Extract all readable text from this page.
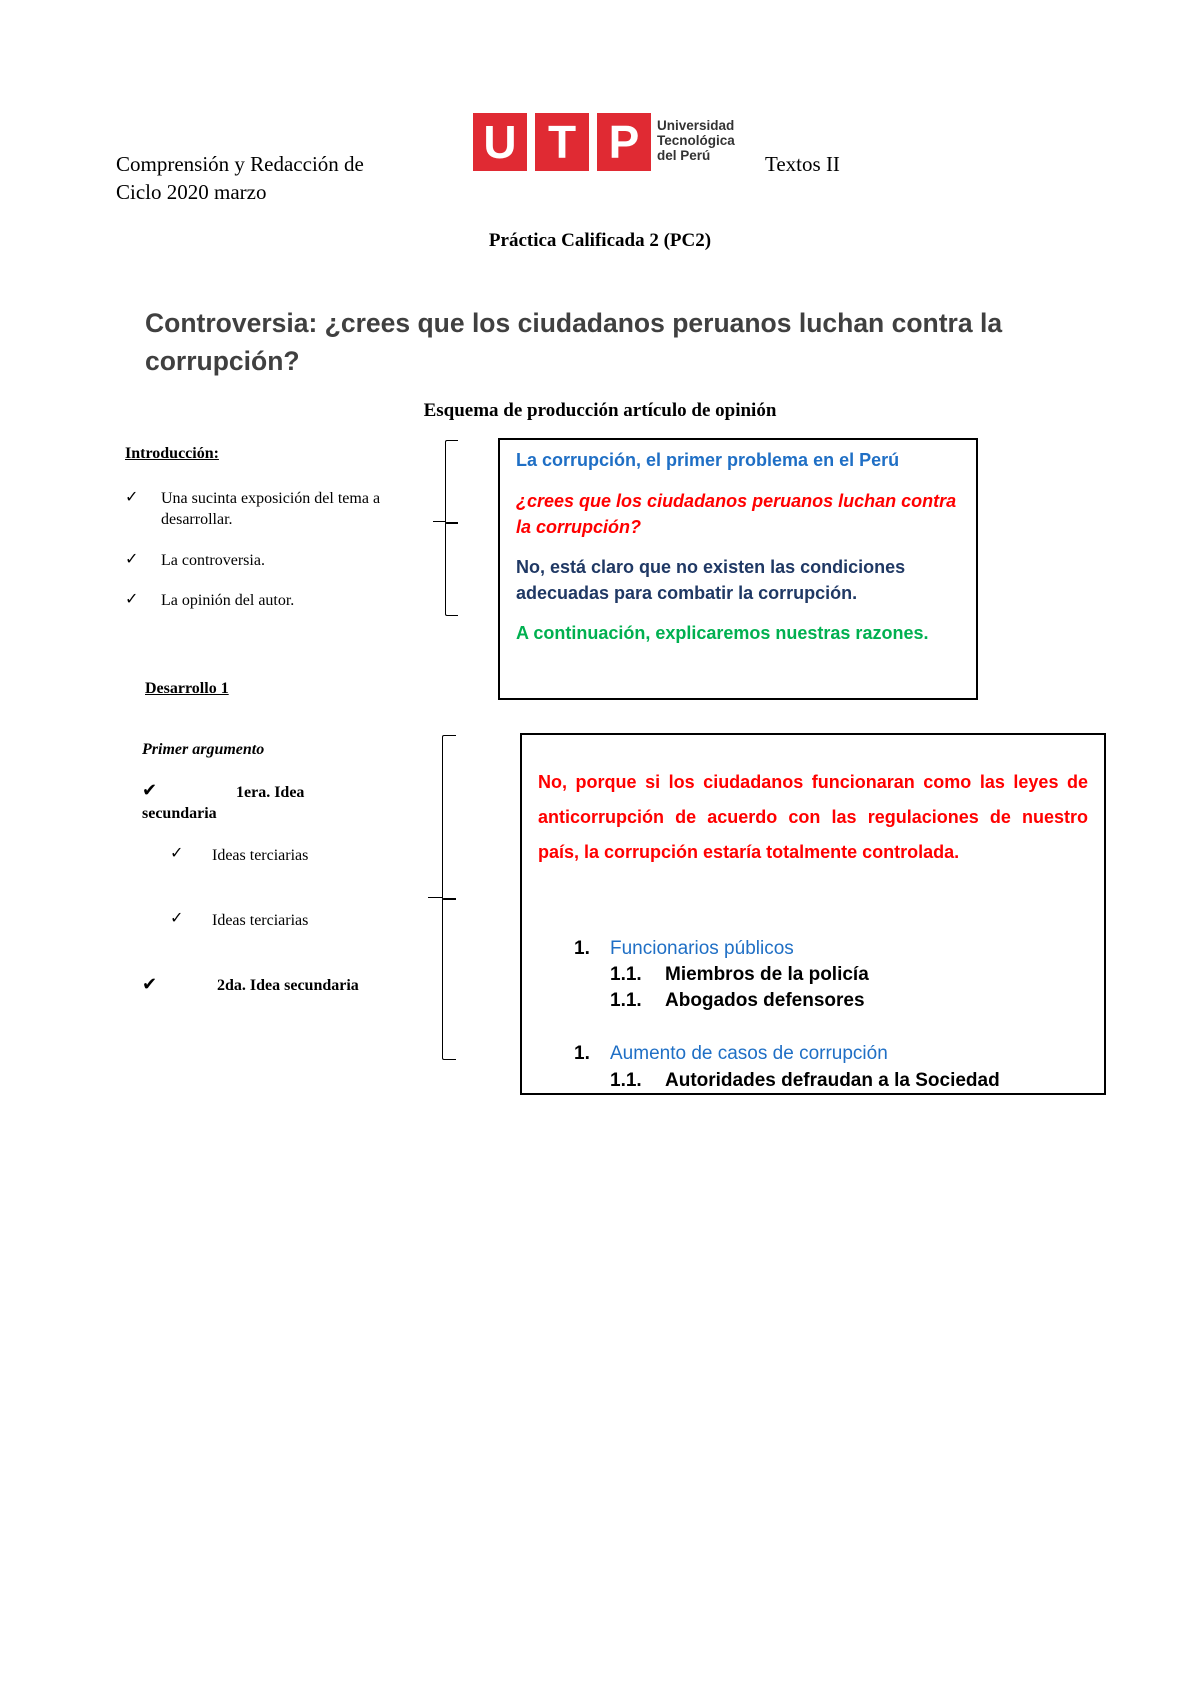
Comprensión y Redacción de
Ciclo 2020 marzo
Textos II
U T P	Universidad
Tecnológica
del Perú
Práctica Calificada 2 (PC2)
Controversia: ¿crees que los ciudadanos peruanos luchan contra la corrupción?
Esquema de producción artículo de opinión
Introducción:
✓ Una sucinta exposición del tema a desarrollar.
✓ La controversia.
✓ La opinión del autor.
Desarrollo 1
Primer argumento
✔	1era. Idea secundaria
✓ Ideas terciarias
✓ Ideas terciarias
✔	2da. Idea secundaria
La corrupción, el primer problema en el Perú
¿crees que los ciudadanos peruanos luchan contra la corrupción?
No, está claro que no existen las condiciones adecuadas para combatir la corrupción.
A continuación, explicaremos nuestras razones.
No, porque si los ciudadanos funcionaran como las leyes de anticorrupción de acuerdo con las regulaciones de nuestro país, la corrupción estaría totalmente controlada.
1. Funcionarios públicos
1.1. Miembros de la policía
1.1. Abogados defensores
1. Aumento de casos de corrupción
1.1. Autoridades defraudan a la Sociedad
